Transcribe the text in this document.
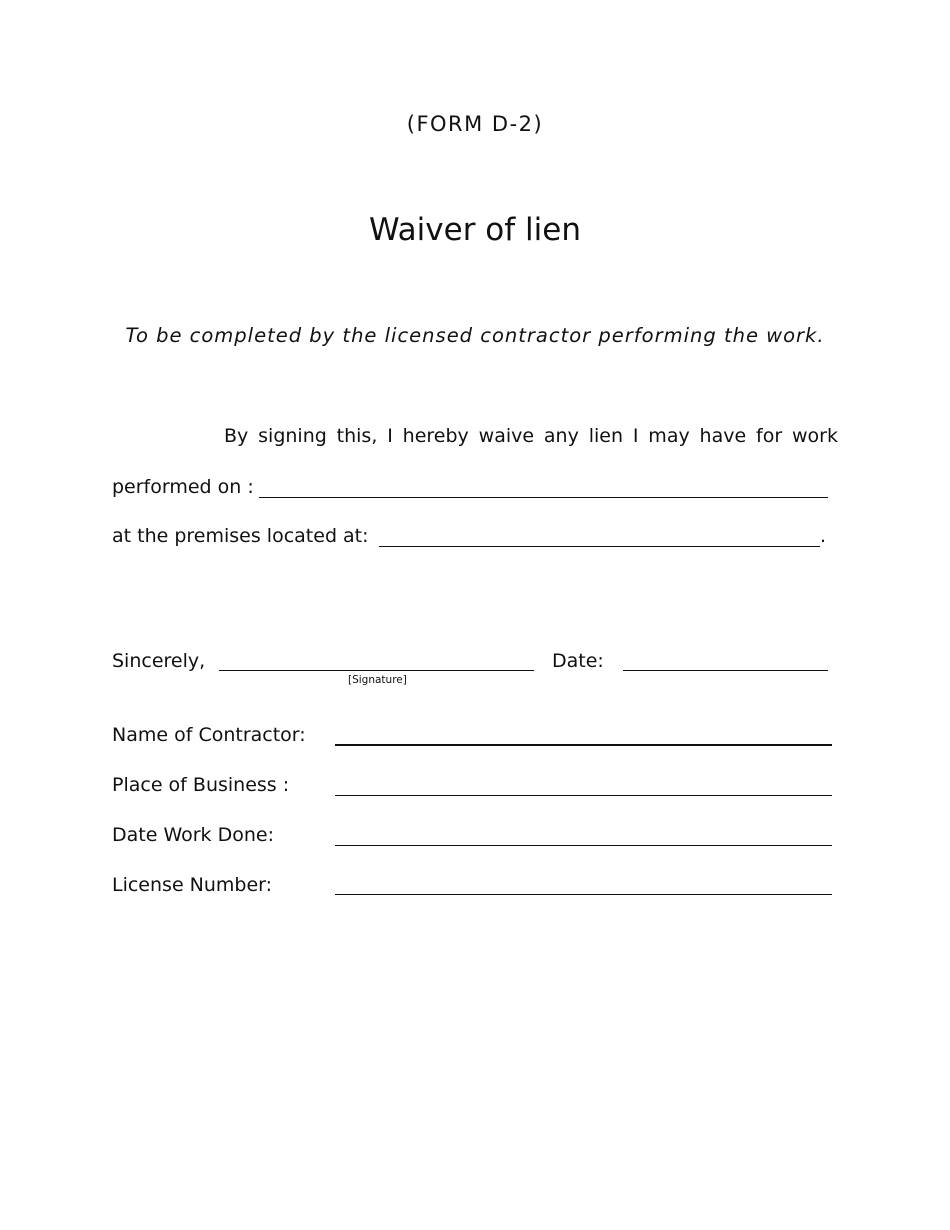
(FORM D-2)
Waiver of lien
To be completed by the licensed contractor performing the work.
By signing this, I hereby waive any lien I may have for work
performed on :
at the premises located at:	.
Sincerely,
[Signature]
Date:
Name of Contractor:
Place of Business :
Date Work Done:
License Number:
